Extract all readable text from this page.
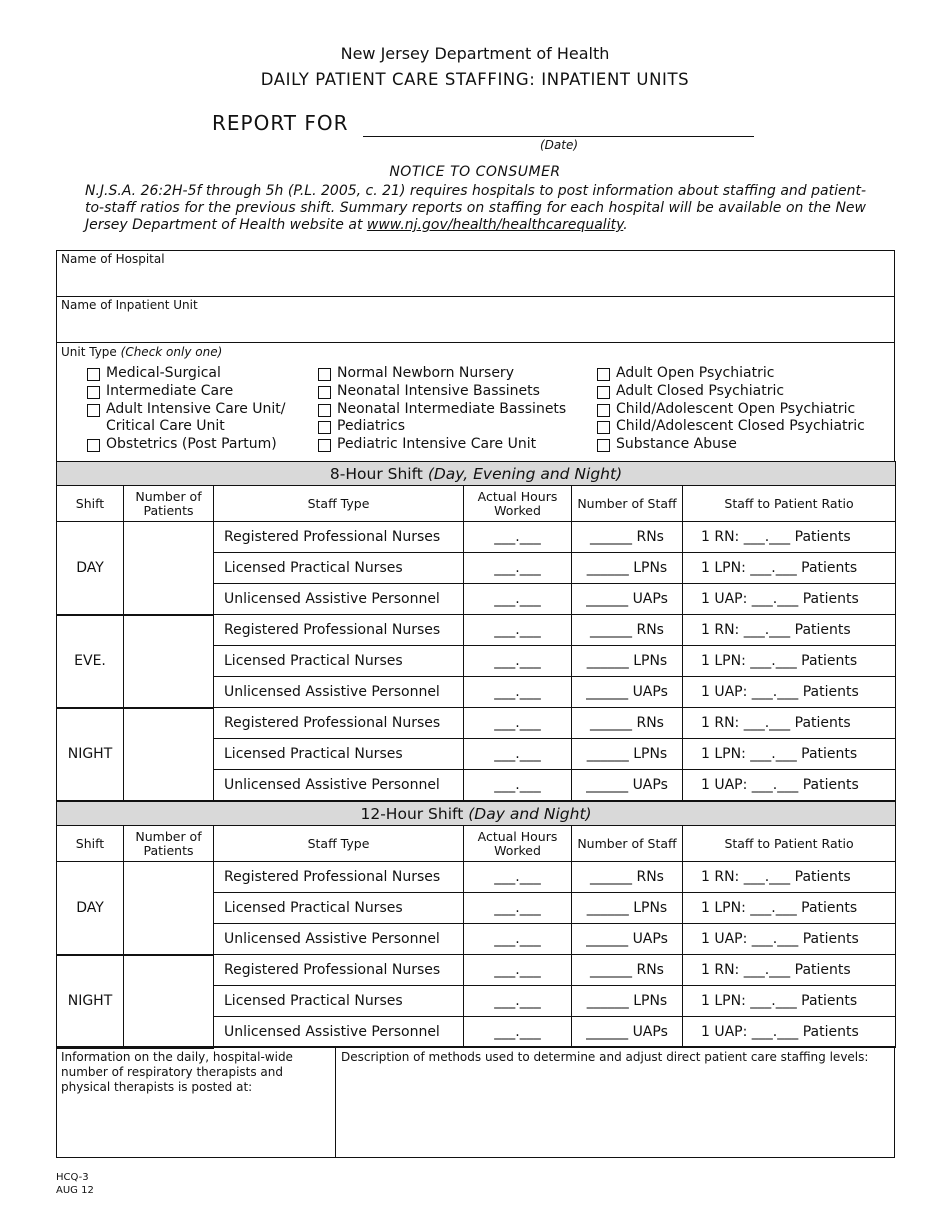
New Jersey Department of Health
DAILY PATIENT CARE STAFFING: INPATIENT UNITS
REPORT FOR
(Date)
NOTICE TO CONSUMER
N.J.S.A. 26:2H-5f through 5h (P.L. 2005, c. 21) requires hospitals to post information about staffing and patient-to-staff ratios for the previous shift. Summary reports on staffing for each hospital will be available on the New Jersey Department of Health website at www.nj.gov/health/healthcarequality.
Name of Hospital
Name of Inpatient Unit
Unit Type (Check only one)
Medical-Surgical
Intermediate Care
Adult Intensive Care Unit/
Critical Care Unit
Obstetrics (Post Partum)
Normal Newborn Nursery
Neonatal Intensive Bassinets
Neonatal Intermediate Bassinets
Pediatrics
Pediatric Intensive Care Unit
Adult Open Psychiatric
Adult Closed Psychiatric
Child/Adolescent Open Psychiatric
Child/Adolescent Closed Psychiatric
Substance Abuse
8-Hour Shift (Day, Evening and Night)					
Shift	Number of Patients	Staff Type	Actual Hours Worked	Number of Staff	Staff to Patient Ratio
DAY		Registered Professional Nurses	___.___	______ RNs	1 RN: ___.___ Patients
		Licensed Practical Nurses	___.___	______ LPNs	1 LPN: ___.___ Patients
		Unlicensed Assistive Personnel	___.___	______ UAPs	1 UAP: ___.___ Patients
EVE.		Registered Professional Nurses	___.___	______ RNs	1 RN: ___.___ Patients
		Licensed Practical Nurses	___.___	______ LPNs	1 LPN: ___.___ Patients
		Unlicensed Assistive Personnel	___.___	______ UAPs	1 UAP: ___.___ Patients
NIGHT		Registered Professional Nurses	___.___	______ RNs	1 RN: ___.___ Patients
		Licensed Practical Nurses	___.___	______ LPNs	1 LPN: ___.___ Patients
		Unlicensed Assistive Personnel	___.___	______ UAPs	1 UAP: ___.___ Patients
12-Hour Shift (Day and Night)					
Shift	Number of Patients	Staff Type	Actual Hours Worked	Number of Staff	Staff to Patient Ratio
DAY		Registered Professional Nurses	___.___	______ RNs	1 RN: ___.___ Patients
		Licensed Practical Nurses	___.___	______ LPNs	1 LPN: ___.___ Patients
		Unlicensed Assistive Personnel	___.___	______ UAPs	1 UAP: ___.___ Patients
NIGHT		Registered Professional Nurses	___.___	______ RNs	1 RN: ___.___ Patients
		Licensed Practical Nurses	___.___	______ LPNs	1 LPN: ___.___ Patients
		Unlicensed Assistive Personnel	___.___	______ UAPs	1 UAP: ___.___ Patients
Information on the daily, hospital-wide number of respiratory therapists and physical therapists is posted at:
Description of methods used to determine and adjust direct patient care staffing levels:
HCQ-3
AUG 12
